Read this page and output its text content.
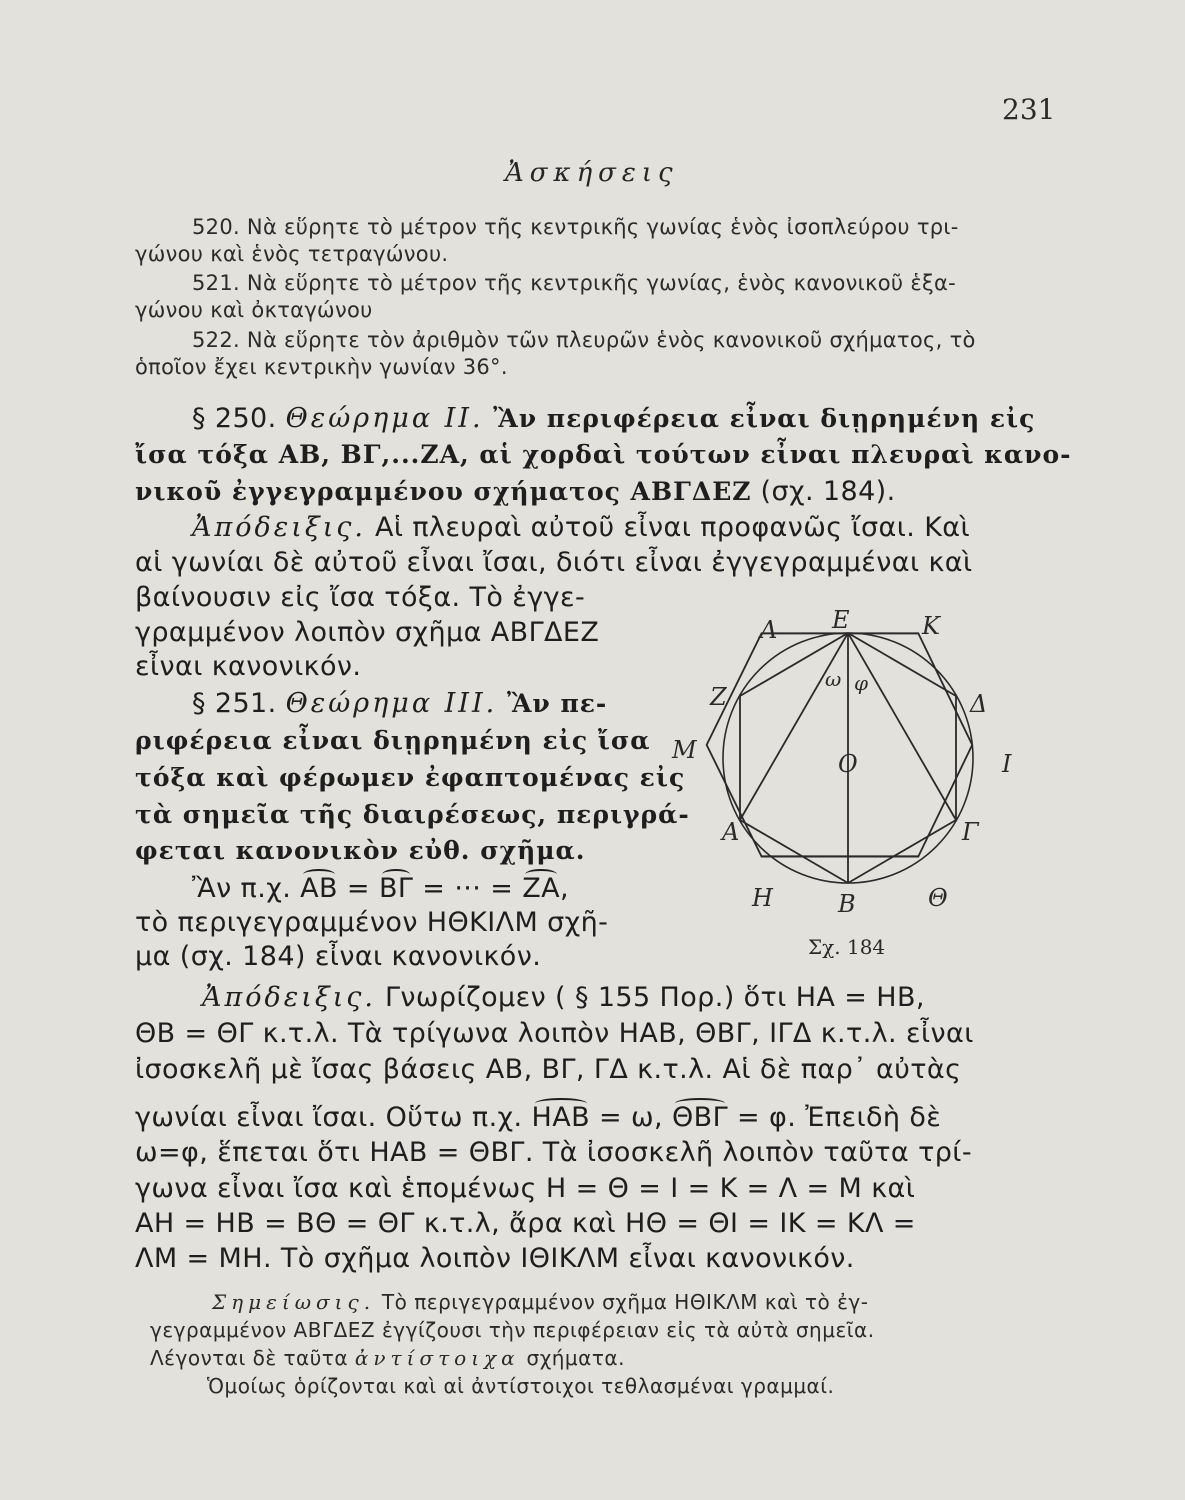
231
Ἀσκήσεις
520. Νὰ εὕρητε τὸ μέτρον τῆς κεντρικῆς γωνίας ἑνὸς ἰσοπλεύρου τρι-
γώνου καὶ ἑνὸς τετραγώνου.
521. Νὰ εὕρητε τὸ μέτρον τῆς κεντρικῆς γωνίας, ἑνὸς κανονικοῦ ἑξα-
γώνου καὶ ὀκταγώνου
522. Νὰ εὕρητε τὸν ἀριθμὸν τῶν πλευρῶν ἑνὸς κανονικοῦ σχήματος, τὸ
ὁποῖον ἔχει κεντρικὴν γωνίαν 36°.
§ 250. Θεώρημα II. Ἂν περιφέρεια εἶναι διῃρημένη εἰς
ἴσα τόξα ΑΒ, ΒΓ,...ΖΑ, αἱ χορδαὶ τούτων εἶναι πλευραὶ κανο-
νικοῦ ἐγγεγραμμένου σχήματος ΑΒΓΔΕΖ (σχ. 184).
Ἀπόδειξις. Αἱ πλευραὶ αὐτοῦ εἶναι προφανῶς ἴσαι. Καὶ
αἱ γωνίαι δὲ αὐτοῦ εἶναι ἴσαι, διότι εἶναι ἐγγεγραμμέναι καὶ
βαίνουσιν εἰς ἴσα τόξα. Τὸ ἐγγε-
γραμμένον λοιπὸν σχῆμα ΑΒΓΔΕΖ
εἶναι κανονικόν.
§ 251. Θεώρημα III. Ἂν πε-
ριφέρεια εἶναι διῃρημένη εἰς ἴσα
τόξα καὶ φέρωμεν ἐφαπτομένας εἰς
τὰ σημεῖα τῆς διαιρέσεως, περιγρά-
φεται κανονικὸν εὐθ. σχῆμα.
Ἂν π.χ. ΑΒ = ΒΓ = ··· = ΖΑ,
τὸ περιγεγραμμένον ΗΘΚΙΛΜ σχῆ-
μα (σχ. 184) εἶναι κανονικόν.
Ἀπόδειξις. Γνωρίζομεν ( § 155 Πορ.) ὅτι ΗΑ = ΗΒ,
ΘΒ = ΘΓ κ.τ.λ. Τὰ τρίγωνα λοιπὸν ΗΑΒ, ΘΒΓ, ΙΓΔ κ.τ.λ. εἶναι
ἰσοσκελῆ μὲ ἴσας βάσεις ΑΒ, ΒΓ, ΓΔ κ.τ.λ. Αἱ δὲ παρ᾽ αὐτὰς
γωνίαι εἶναι ἴσαι. Οὕτω π.χ. ΗΑΒ = ω, ΘΒΓ = φ. Ἐπειδὴ δὲ
ω=φ, ἕπεται ὅτι ΗΑΒ = ΘΒΓ. Τὰ ἰσοσκελῆ λοιπὸν ταῦτα τρί-
γωνα εἶναι ἴσα καὶ ἑπομένως Η = Θ = Ι = Κ = Λ = Μ καὶ
ΑΗ = ΗΒ = ΒΘ = ΘΓ κ.τ.λ, ἄρα καὶ ΗΘ = ΘΙ = ΙΚ = ΚΛ =
ΛΜ = ΜΗ. Τὸ σχῆμα λοιπὸν ΙΘΙΚΛΜ εἶναι κανονικόν.
Σημείωσις. Τὸ περιγεγραμμένον σχῆμα ΗΘΙΚΛΜ καὶ τὸ ἐγ-
γεγραμμένον ΑΒΓΔΕΖ ἐγγίζουσι τὴν περιφέρειαν εἰς τὰ αὐτὰ σημεῖα.
Λέγονται δὲ ταῦτα ἀντίστοιχα σχήματα.
Ὁμοίως ὁρίζονται καὶ αἱ ἀντίστοιχοι τεθλασμέναι γραμμαί.
Λ Ε	Κ
Ζ	Δ
Μ	Ι
Α	Γ
Η	Β	Θ
Ο
ω φ
Σχ. 184
